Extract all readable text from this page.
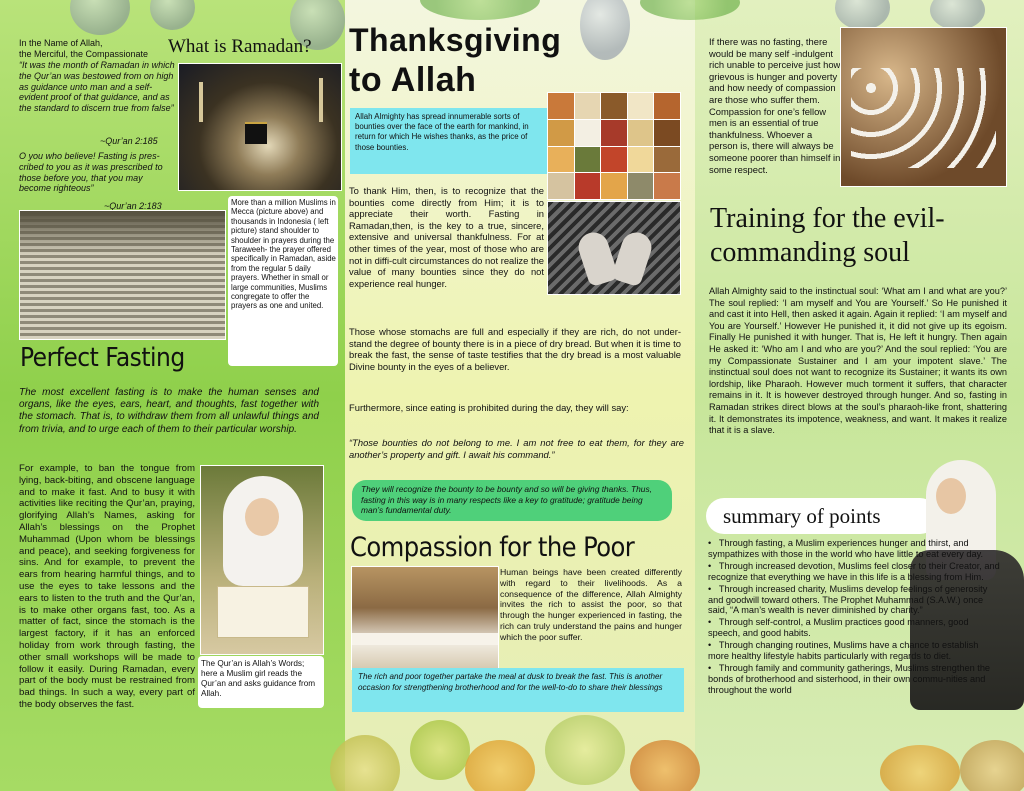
In the Name of Allah,
the Merciful, the Compassionate

“It was the month of Ramadan in which the Qur’an was bestowed from on high as guidance unto man and a self-evident proof of that guidance, and as the standard to discern true from false”

~Qur’an 2:185

O you who believe! Fasting is pres-cribed to you as it was prescribed to those before you, that you may become righteous”

~Qur’an 2:183

What is Ramadan?

More than a million Muslims in Mecca (picture above) and thousands in Indonesia ( left picture) stand shoulder to shoulder in prayers during the Taraweeh- the prayer offered specifically in Ramadan, aside from the regular 5 daily prayers. Whether in small or large communities, Muslims congregate to offer the prayers as one and united.

Perfect Fasting

The most excellent fasting is to make the human senses and organs, like the eyes, ears, heart, and thoughts, fast together with the stomach. That is, to withdraw them from all unlawful things and from trivia, and to urge each of them to their particular worship.

For example, to ban the tongue from lying, back-biting, and obscene language and to make it fast. And to busy it with activities like reciting the Qur’an, praying, glorifying Allah’s Names, asking for Allah’s blessings on the Prophet Muhammad (Upon whom be blessings and peace), and seeking forgiveness for sins. And for example, to prevent the ears from hearing harmful things, and to use the eyes to take lessons and the ears to listen to the truth and the Qur’an, is to make other organs fast, too. As a matter of fact, since the stomach is the largest factory, if it has an enforced holiday from work through fasting, the other small workshops will be made to follow it easily. During Ramadan, every part of the body must be restrained from bad things. In such a way, every part of the body observes the fast.

The Qur’an is Allah’s Words; here a Muslim girl reads the Qur’an and asks guidance from Allah.

Thanksgiving
to Allah

Allah Almighty has spread innumerable sorts of bounties over the face of the earth for mankind, in return for which He wishes thanks, as the price of those bounties.

To thank Him, then, is to recognize that the bounties come directly from Him; it is to appreciate their worth. Fasting in Ramadan,then, is the key to a true, sincere, extensive and universal thankfulness. For at other times of the year, most of those who are not in diffi-cult circumstances do not realize the value of many bounties since they do not experience real hunger.

Those whose stomachs are full and especially if they are rich, do not under-stand the degree of bounty there is in a piece of dry bread. But when it is time to break the fast, the sense of taste testifies that the dry bread is a most valuable Divine bounty in the eyes of a believer.

Furthermore, since eating is prohibited during the day, they will say:

“Those bounties do not belong to me. I am not free to eat them, for they are another’s property and gift. I await his command.”

They will recognize the bounty to be bounty and so will be giving thanks. Thus, fasting in this way is in many respects like a key to gratitude; gratitude being man’s fundamental duty.

Compassion for the Poor

Human beings have been created differently with regard to their livelihoods. As a consequence of the difference, Allah Almighty invites the rich to assist the poor, so that through the hunger experienced in fasting, the rich can truly understand the pains and hunger which the poor suffer.

The rich and poor together partake the meal at dusk to break the fast. This is another occasion for strengthening brotherhood and for the well-to-do to share their blessings

If there was no fasting, there would be many self -indulgent rich unable to perceive just how grievous is hunger and poverty and how needy of compassion are those who suffer them. Compassion for one’s fellow men is an essential of true thankfulness. Whoever a person is, there will always be someone poorer than himself in some respect.

Training for the evil-
commanding soul

Allah Almighty said to the instinctual soul: ‘What am I and what are you?’ The soul replied: ‘I am myself and You are Yourself.’ So He punished it and cast it into Hell, then asked it again. Again it replied: ‘I am myself and You are Yourself.’ However He punished it, it did not give up its egoism. Finally He punished it with hunger. That is, He left it hungry. Then again He asked it: ‘Who am I and who are you?’ And the soul replied: ‘You are my Compassionate Sustainer and I am your impotent slave.’ The instinctual soul does not want to recognize its Sustainer; it wants its own lordship, like Pharaoh. However much torment it suffers, that character remains in it. It is however destroyed through hunger. And so, fasting in Ramadan strikes direct blows at the soul’s pharaoh-like front, shattering it. It demonstrates its impotence, weakness, and want. It makes it realize that it is a slave.

summary of points
•   Through fasting, a Muslim experiences hunger and thirst, and sympathizes with those in the world who have little to eat every day.
•   Through increased devotion, Muslims feel closer to their Creator, and recognize that everything we have in this life is a blessing from Him.
•   Through increased charity, Muslims develop feelings of generosity and goodwill toward others. The Prophet Muhammad (S.A.W.) once said, “A man’s wealth is never diminished by charity.”
•   Through self-control, a Muslim practices good manners, good speech, and good habits.
•   Through changing routines, Muslims have a chance to establish more healthy lifestyle habits particularly with regards to diet.
•   Through family and community gatherings, Muslims strengthen the bonds of brotherhood and sisterhood, in their own commu-nities and throughout the world
